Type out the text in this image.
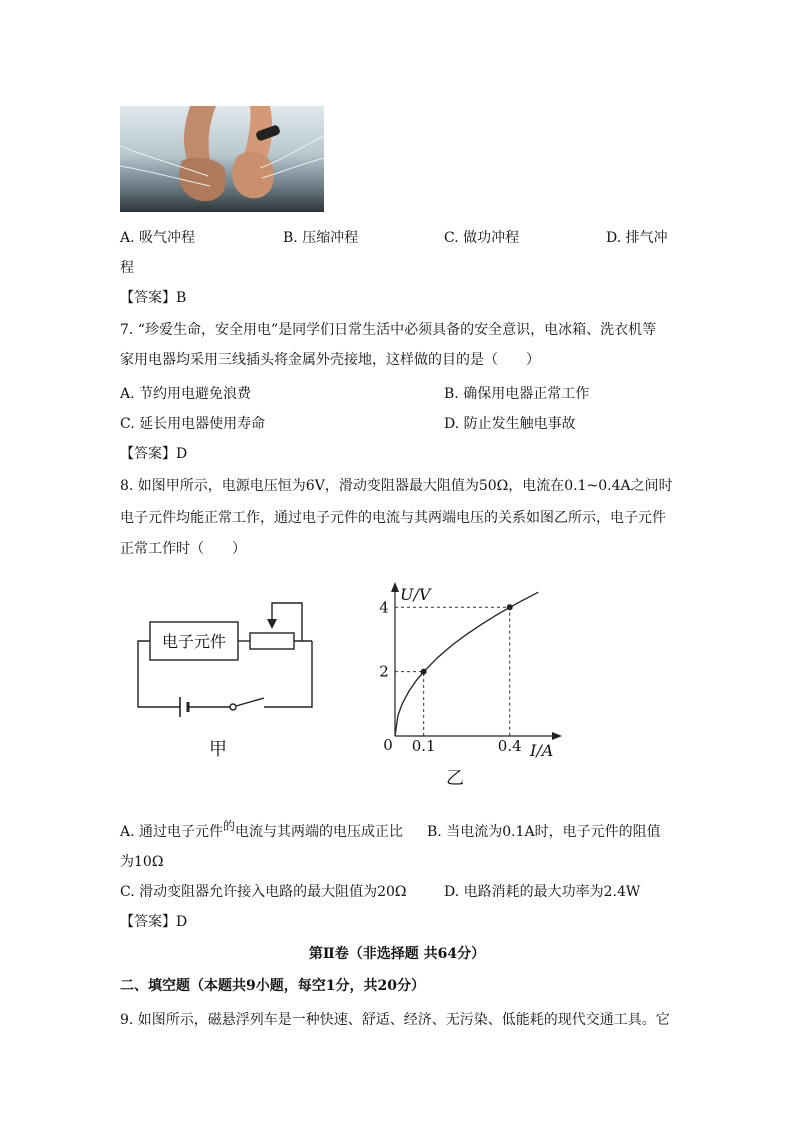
A. 吸气冲程	B. 压缩冲程	C. 做功冲程	D. 排气冲
程
【答案】B
7. “珍爱生命，安全用电”是同学们日常生活中必须具备的安全意识，电冰箱、洗衣机等
家用电器均采用三线插头将金属外壳接地，这样做的目的是（　　）
A. 节约用电避免浪费	B. 确保用电器正常工作
C. 延长用电器使用寿命	D. 防止发生触电事故
【答案】D
8. 如图甲所示，电源电压恒为6V，滑动变阻器最大阻值为50Ω，电流在0.1~0.4A之间时
电子元件均能正常工作，通过电子元件的电流与其两端电压的关系如图乙所示，电子元件
正常工作时（　　）
电子元件
甲	0.1	0.4
2
4
U/V
I/A
0
乙
A. 通过电子元件的电流与其两端的电压成正比 B. 当电流为0.1A时，电子元件的阻值
为10Ω
C. 滑动变阻器允许接入电路的最大阻值为20Ω	D. 电路消耗的最大功率为2.4W
【答案】D
第Ⅱ卷（非选择题 共64分）
二、填空题（本题共9小题，每空1分，共20分）
9. 如图所示，磁悬浮列车是一种快速、舒适、经济、无污染、低能耗的现代交通工具。它
